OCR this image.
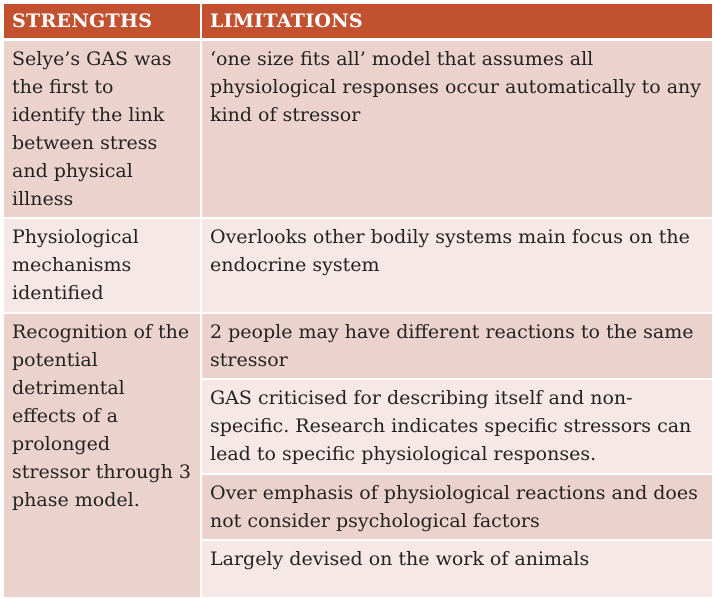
STRENGTHS	LIMITATIONS
Selye’s GAS was the first to identify the link between stress and physical illness	‘one size fits all’ model that assumes all physiological responses occur automatically to any kind of stressor
Physiological mechanisms identified	Overlooks other bodily systems main focus on the endocrine system
Recognition of the potential detrimental effects of a prolonged stressor through 3 phase model.	2 people may have different reactions to the same stressor
	GAS criticised for describing itself and non-specific. Research indicates specific stressors can lead to specific physiological responses.
	Over emphasis of physiological reactions and does not consider psychological factors
	Largely devised on the work of animals
